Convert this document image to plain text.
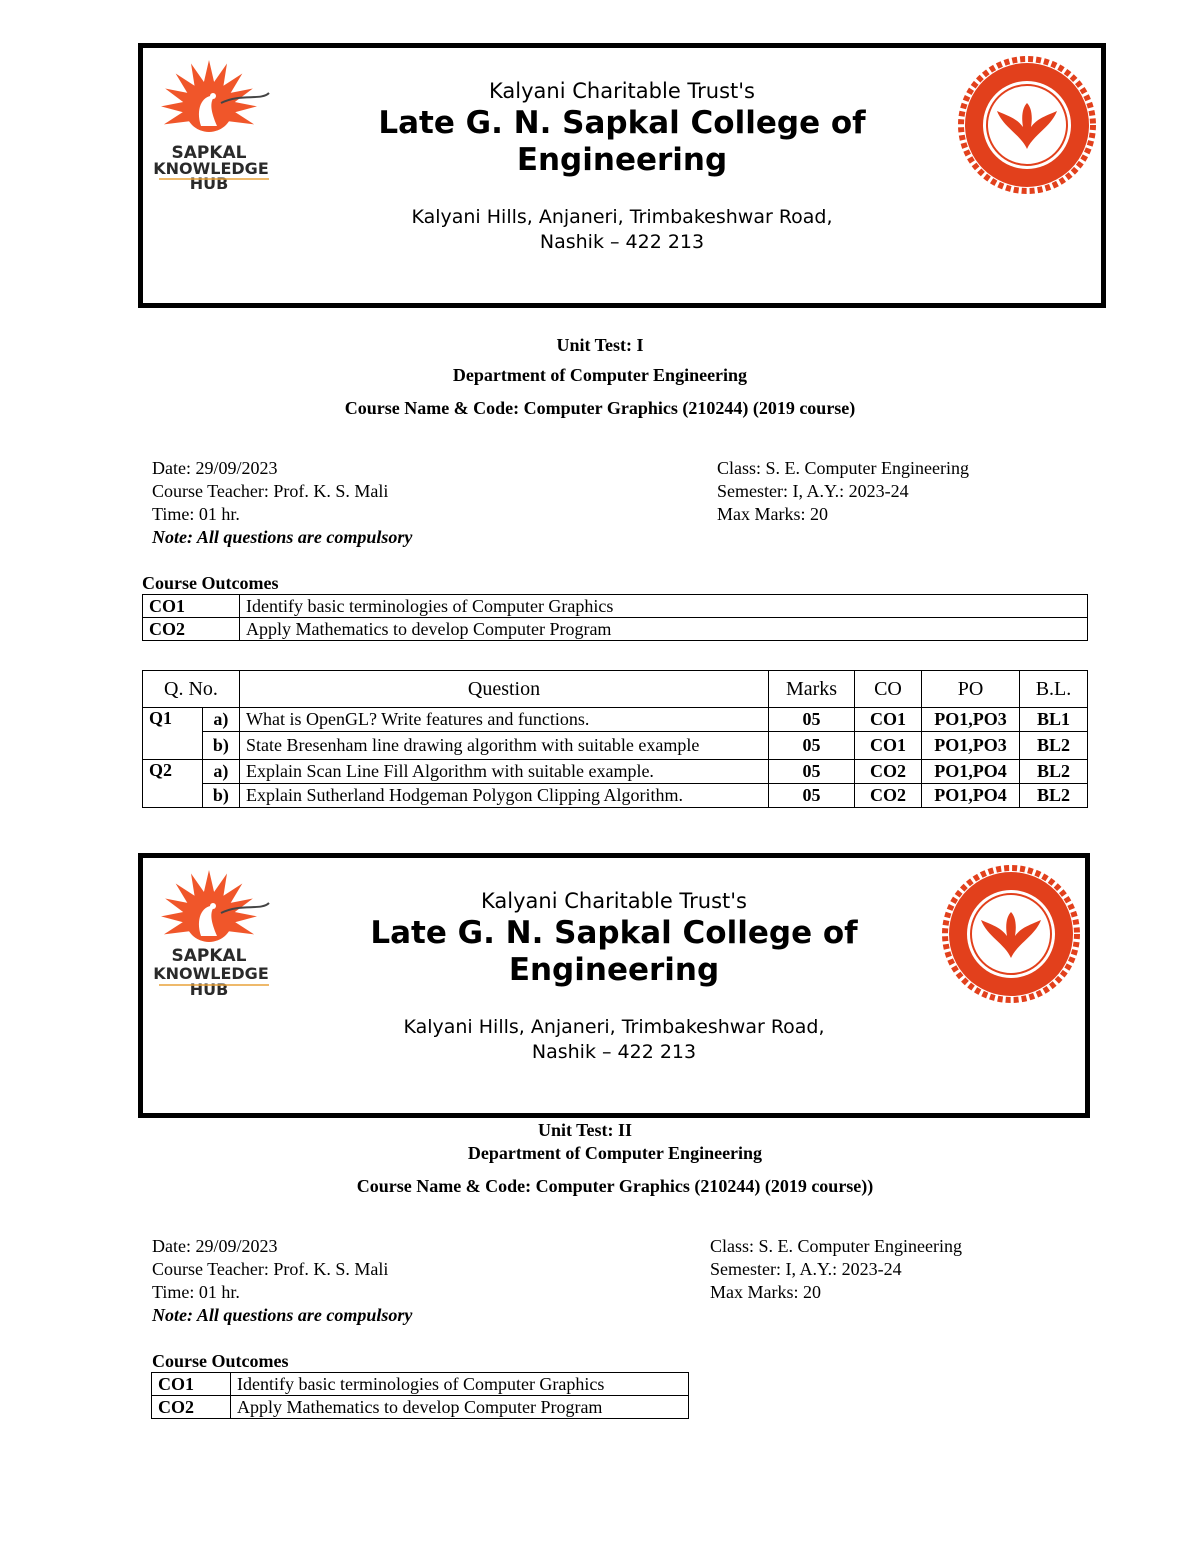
SAPKAL
KNOWLEDGE
HUB
Kalyani Charitable Trust's
Late G. N. Sapkal College of
Engineering
Kalyani Hills, Anjaneri, Trimbakeshwar Road,
Nashik – 422 213
Unit Test: I
Department of Computer Engineering
Course Name & Code: Computer Graphics (210244) (2019 course)
Date: 29/09/2023
Course Teacher: Prof. K. S. Mali
Time: 01 hr.
Note: All questions are compulsory
Class: S. E. Computer Engineering
Semester: I, A.Y.: 2023-24
Max Marks: 20
Course Outcomes
CO1	Identify basic terminologies of Computer Graphics
CO2	Apply Mathematics to develop Computer Program
Q. No.		Question	Marks	CO	PO	B.L.
Q1	a)	What is OpenGL? Write features and functions.	05	CO1	PO1,PO3	BL1
	b)	State Bresenham line drawing algorithm with suitable example	05	CO1	PO1,PO3	BL2
Q2	a)	Explain Scan Line Fill Algorithm with suitable example.	05	CO2	PO1,PO4	BL2
	b)	Explain Sutherland Hodgeman Polygon Clipping Algorithm.	05	CO2	PO1,PO4	BL2
SAPKAL
KNOWLEDGE
HUB
Kalyani Charitable Trust's
Late G. N. Sapkal College of
Engineering
Kalyani Hills, Anjaneri, Trimbakeshwar Road,
Nashik – 422 213
Unit Test: II
Department of Computer Engineering
Course Name & Code: Computer Graphics (210244) (2019 course))
Date: 29/09/2023
Course Teacher: Prof. K. S. Mali
Time: 01 hr.
Note: All questions are compulsory
Class: S. E. Computer Engineering
Semester: I, A.Y.: 2023-24
Max Marks: 20
Course Outcomes
CO1	Identify basic terminologies of Computer Graphics
CO2	Apply Mathematics to develop Computer Program
